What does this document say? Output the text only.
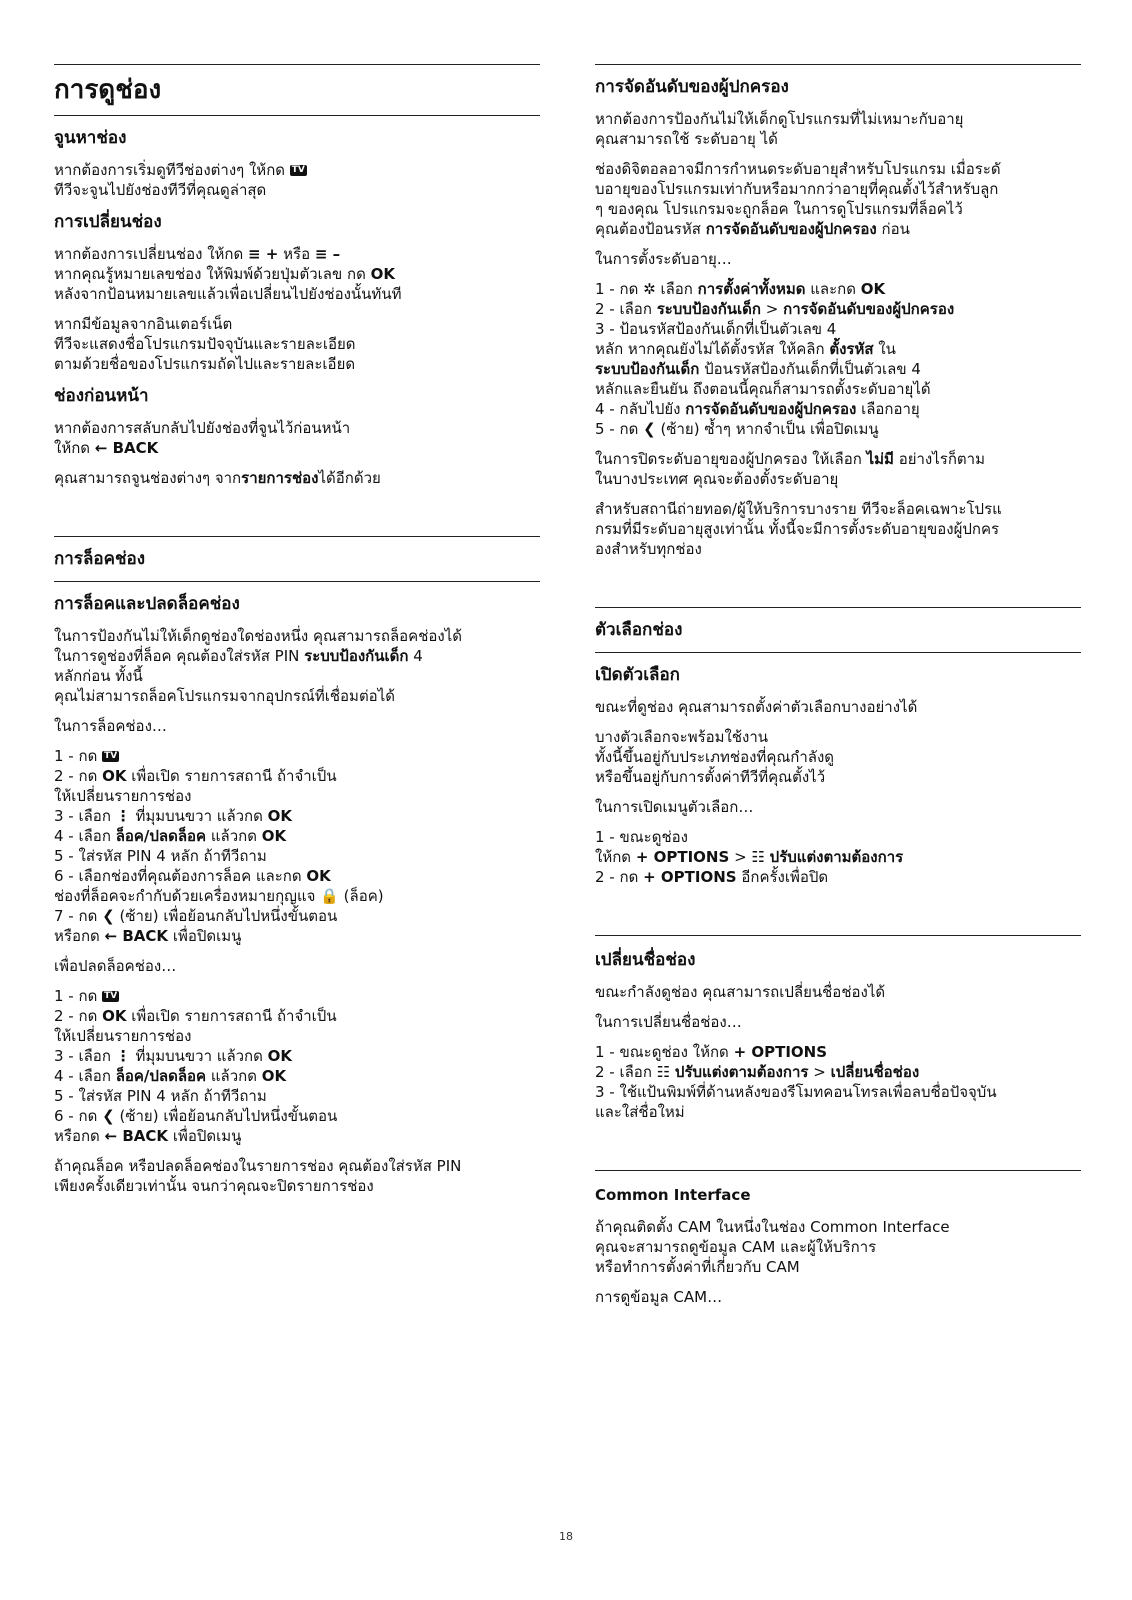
การดูช่อง
จูนหาช่อง

หากต้องการเริ่มดูทีวีช่องต่างๆ ให้กด TV
ทีวีจะจูนไปยังช่องทีวีที่คุณดูล่าสุด

การเปลี่ยนช่อง

หากต้องการเปลี่ยนช่อง ให้กด ≡ + หรือ ≡ –
หากคุณรู้หมายเลขช่อง ให้พิมพ์ด้วยปุ่มตัวเลข กด OK
หลังจากป้อนหมายเลขแล้วเพื่อเปลี่ยนไปยังช่องนั้นทันที

หากมีข้อมูลจากอินเตอร์เน็ต
ทีวีจะแสดงชื่อโปรแกรมปัจจุบันและรายละเอียด
ตามด้วยชื่อของโปรแกรมถัดไปและรายละเอียด

ช่องก่อนหน้า

หากต้องการสลับกลับไปยังช่องที่จูนไว้ก่อนหน้า
ให้กด ← BACK

คุณสามารถจูนช่องต่างๆ จากรายการช่องได้อีกด้วย

การล็อคช่อง
การล็อคและปลดล็อคช่อง

ในการป้องกันไม่ให้เด็กดูช่องใดช่องหนึ่ง คุณสามารถล็อคช่องได้
ในการดูช่องที่ล็อค คุณต้องใส่รหัส PIN ระบบป้องกันเด็ก 4
หลักก่อน ทั้งนี้
คุณไม่สามารถล็อคโปรแกรมจากอุปกรณ์ที่เชื่อมต่อได้

ในการล็อคช่อง…

1 - กด TV
2 - กด OK เพื่อเปิด รายการสถานี ถ้าจำเป็น
ให้เปลี่ยนรายการช่อง
3 - เลือก ⋮ ที่มุมบนขวา แล้วกด OK
4 - เลือก ล็อค/ปลดล็อค แล้วกด OK
5 - ใส่รหัส PIN 4 หลัก ถ้าทีวีถาม
6 - เลือกช่องที่คุณต้องการล็อค และกด OK
ช่องที่ล็อคจะกำกับด้วยเครื่องหมายกุญแจ 🔒 (ล็อค)
7 - กด ❮ (ซ้าย) เพื่อย้อนกลับไปหนึ่งขั้นตอน
หรือกด ← BACK เพื่อปิดเมนู

เพื่อปลดล็อคช่อง…

1 - กด TV
2 - กด OK เพื่อเปิด รายการสถานี ถ้าจำเป็น
ให้เปลี่ยนรายการช่อง
3 - เลือก ⋮ ที่มุมบนขวา แล้วกด OK
4 - เลือก ล็อค/ปลดล็อค แล้วกด OK
5 - ใส่รหัส PIN 4 หลัก ถ้าทีวีถาม
6 - กด ❮ (ซ้าย) เพื่อย้อนกลับไปหนึ่งขั้นตอน
หรือกด ← BACK เพื่อปิดเมนู

ถ้าคุณล็อค หรือปลดล็อคช่องในรายการช่อง คุณต้องใส่รหัส PIN
เพียงครั้งเดียวเท่านั้น จนกว่าคุณจะปิดรายการช่อง

การจัดอันดับของผู้ปกครอง

หากต้องการป้องกันไม่ให้เด็กดูโปรแกรมที่ไม่เหมาะกับอายุ
คุณสามารถใช้ ระดับอายุ ได้

ช่องดิจิตอลอาจมีการกำหนดระดับอายุสำหรับโปรแกรม เมื่อระดั
บอายุของโปรแกรมเท่ากับหรือมากกว่าอายุที่คุณตั้งไว้สำหรับลูก
ๆ ของคุณ โปรแกรมจะถูกล็อค ในการดูโปรแกรมที่ล็อคไว้
คุณต้องป้อนรหัส การจัดอันดับของผู้ปกครอง ก่อน

ในการตั้งระดับอายุ…

1 - กด ✲ เลือก การตั้งค่าทั้งหมด และกด OK
2 - เลือก ระบบป้องกันเด็ก > การจัดอันดับของผู้ปกครอง
3 - ป้อนรหัสป้องกันเด็กที่เป็นตัวเลข 4
หลัก หากคุณยังไม่ได้ตั้งรหัส ให้คลิก ตั้งรหัส ใน
ระบบป้องกันเด็ก ป้อนรหัสป้องกันเด็กที่เป็นตัวเลข 4
หลักและยืนยัน ถึงตอนนี้คุณก็สามารถตั้งระดับอายุได้
4 - กลับไปยัง การจัดอันดับของผู้ปกครอง เลือกอายุ
5 - กด ❮ (ซ้าย) ซ้ำๆ หากจำเป็น เพื่อปิดเมนู

ในการปิดระดับอายุของผู้ปกครอง ให้เลือก ไม่มี อย่างไรก็ตาม
ในบางประเทศ คุณจะต้องตั้งระดับอายุ

สำหรับสถานีถ่ายทอด/ผู้ให้บริการบางราย ทีวีจะล็อคเฉพาะโปรแ
กรมที่มีระดับอายุสูงเท่านั้น ทั้งนี้จะมีการตั้งระดับอายุของผู้ปกคร
องสำหรับทุกช่อง

ตัวเลือกช่อง
เปิดตัวเลือก

ขณะที่ดูช่อง คุณสามารถตั้งค่าตัวเลือกบางอย่างได้

บางตัวเลือกจะพร้อมใช้งาน
ทั้งนี้ขึ้นอยู่กับประเภทช่องที่คุณกำลังดู
หรือขึ้นอยู่กับการตั้งค่าทีวีที่คุณตั้งไว้

ในการเปิดเมนูตัวเลือก…

1 - ขณะดูช่อง
ให้กด + OPTIONS > ☷ ปรับแต่งตามต้องการ
2 - กด + OPTIONS อีกครั้งเพื่อปิด

เปลี่ยนชื่อช่อง

ขณะกำลังดูช่อง คุณสามารถเปลี่ยนชื่อช่องได้

ในการเปลี่ยนชื่อช่อง…

1 - ขณะดูช่อง ให้กด + OPTIONS
2 - เลือก ☷ ปรับแต่งตามต้องการ > เปลี่ยนชื่อช่อง
3 - ใช้แป้นพิมพ์ที่ด้านหลังของรีโมทคอนโทรลเพื่อลบชื่อปัจจุบัน
และใส่ชื่อใหม่

Common Interface

ถ้าคุณติดตั้ง CAM ในหนึ่งในช่อง Common Interface
คุณจะสามารถดูข้อมูล CAM และผู้ให้บริการ
หรือทำการตั้งค่าที่เกี่ยวกับ CAM

การดูข้อมูล CAM…

18
